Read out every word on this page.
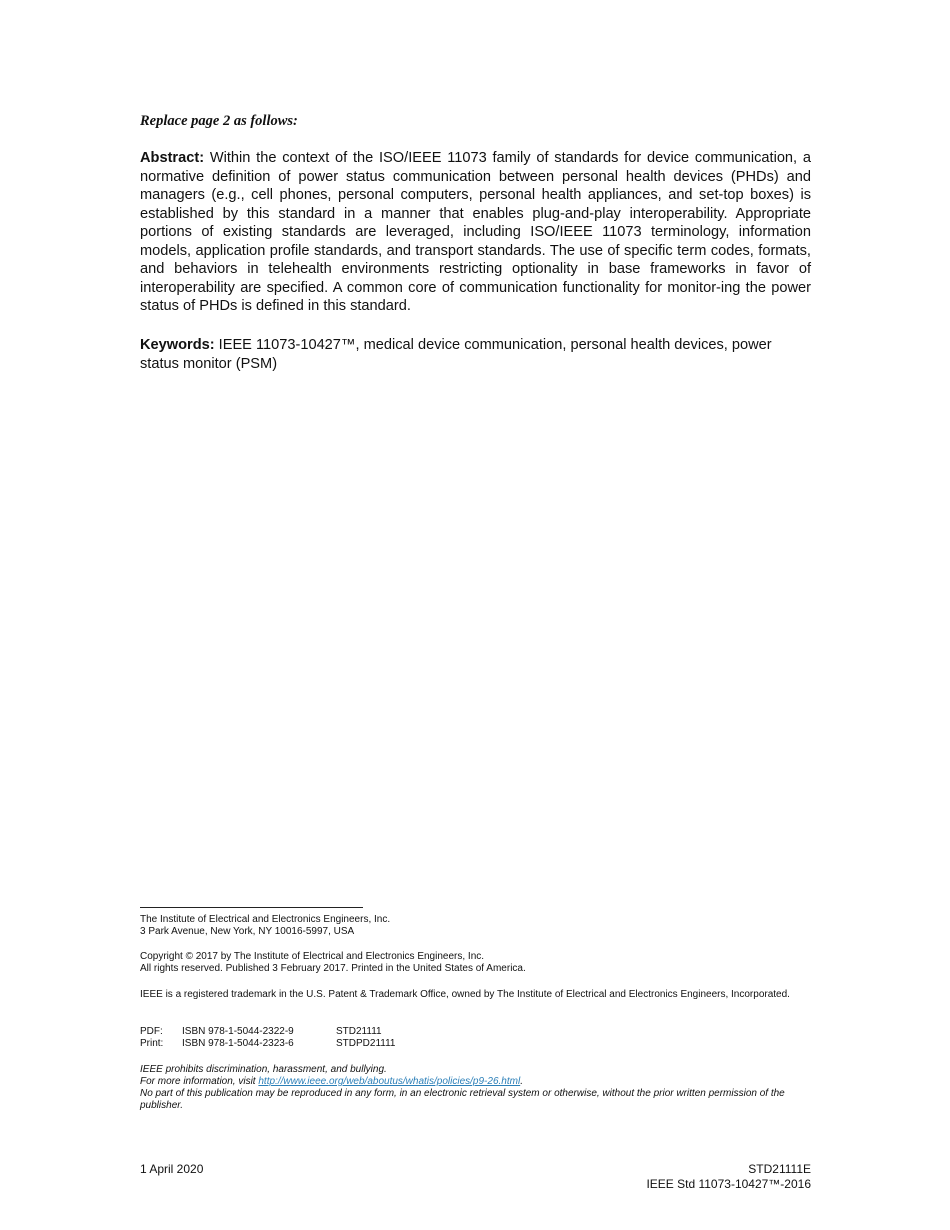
Replace page 2 as follows:

Abstract: Within the context of the ISO/IEEE 11073 family of standards for device communication, a normative definition of power status communication between personal health devices (PHDs) and managers (e.g., cell phones, personal computers, personal health appliances, and set-top boxes) is established by this standard in a manner that enables plug-and-play interoperability. Appropriate portions of existing standards are leveraged, including ISO/IEEE 11073 terminology, information models, application profile standards, and transport standards. The use of specific term codes, formats, and behaviors in telehealth environments restricting optionality in base frameworks in favor of interoperability are specified. A common core of communication functionality for monitor-ing the power status of PHDs is defined in this standard.

Keywords: IEEE 11073-10427™, medical device communication, personal health devices, power status monitor (PSM)

The Institute of Electrical and Electronics Engineers, Inc.
3 Park Avenue, New York, NY 10016-5997, USA
Copyright © 2017 by The Institute of Electrical and Electronics Engineers, Inc.
All rights reserved. Published 3 February 2017. Printed in the United States of America.
IEEE is a registered trademark in the U.S. Patent & Trademark Office, owned by The Institute of Electrical and Electronics Engineers, Incorporated.
PDF:	ISBN 978-1-5044-2322-9	STD21111
Print:	ISBN 978-1-5044-2323-6	STDPD21111
IEEE prohibits discrimination, harassment, and bullying.
For more information, visit http://www.ieee.org/web/aboutus/whatis/policies/p9-26.html.
No part of this publication may be reproduced in any form, in an electronic retrieval system or otherwise, without the prior written permission of the publisher.
1 April 2020	STD21111E
IEEE Std 11073-10427™-2016
